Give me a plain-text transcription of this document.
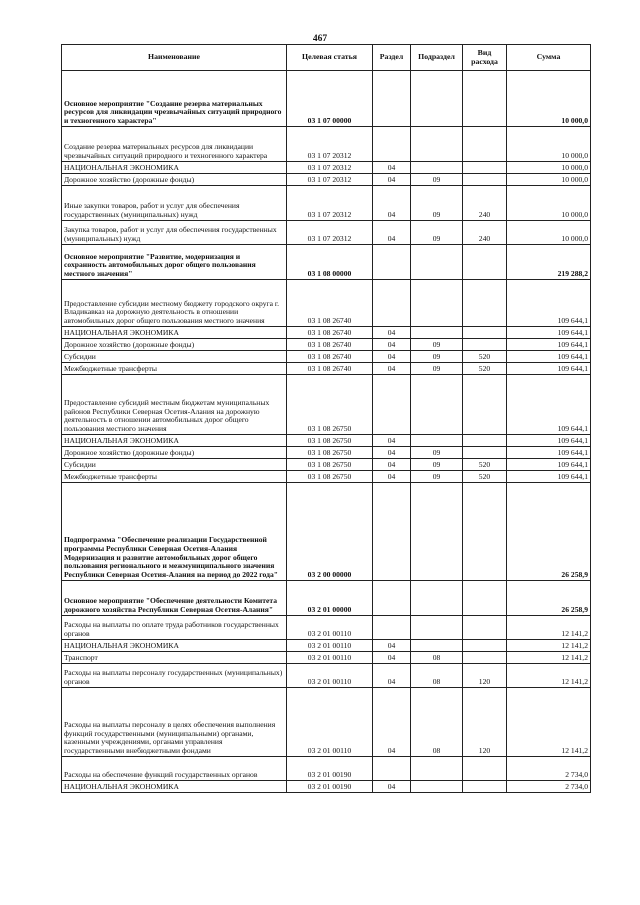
467
Наименование	Целевая статья	Раздел	Подраздел	Вид расхода	Сумма
Основное мероприятие "Создание резерва материальных ресурсов для ликвидации чрезвычайных ситуаций природного и техногенного характера"	03 1 07 00000				10 000,0
Создание резерва материальных ресурсов для ликвидации чрезвычайных ситуаций природного и техногенного характера	03 1 07 20312				10 000,0
НАЦИОНАЛЬНАЯ ЭКОНОМИКА	03 1 07 20312	04			10 000,0
Дорожное хозяйство (дорожные фонды)	03 1 07 20312	04	09		10 000,0
Иные закупки товаров, работ и услуг для обеспечения государственных (муниципальных) нужд	03 1 07 20312	04	09	240	10 000,0
Закупка товаров, работ и услуг для обеспечения государственных (муниципальных) нужд	03 1 07 20312	04	09	240	10 000,0
Основное мероприятие "Развитие, модернизация и сохранность автомобильных дорог общего пользования местного значения"	03 1 08 00000				219 288,2
Предоставление субсидии местному бюджету городского округа г. Владикавказ на дорожную деятельность в отношении автомобильных дорог общего пользования местного значения	03 1 08 26740				109 644,1
НАЦИОНАЛЬНАЯ ЭКОНОМИКА	03 1 08 26740	04			109 644,1
Дорожное хозяйство (дорожные фонды)	03 1 08 26740	04	09		109 644,1
Субсидии	03 1 08 26740	04	09	520	109 644,1
Межбюджетные трансферты	03 1 08 26740	04	09	520	109 644,1
Предоставление субсидий местным бюджетам муниципальных районов Республики Северная Осетия-Алания на дорожную деятельность в отношении автомобильных дорог общего пользования местного значения	03 1 08 26750				109 644,1
НАЦИОНАЛЬНАЯ ЭКОНОМИКА	03 1 08 26750	04			109 644,1
Дорожное хозяйство (дорожные фонды)	03 1 08 26750	04	09		109 644,1
Субсидии	03 1 08 26750	04	09	520	109 644,1
Межбюджетные трансферты	03 1 08 26750	04	09	520	109 644,1
Подпрограмма "Обеспечение реализации Государственной программы Республики Северная Осетия-Алания Модернизация и развитие автомобильных дорог общего пользования регионального и межмуниципального значения Республики Северная Осетия-Алания на период до 2022 года"	03 2 00 00000				26 258,9
Основное мероприятие "Обеспечение деятельности Комитета дорожного хозяйства Республики Северная Осетия-Алания"	03 2 01 00000				26 258,9
Расходы на выплаты по оплате труда работников государственных органов	03 2 01 00110				12 141,2
НАЦИОНАЛЬНАЯ ЭКОНОМИКА	03 2 01 00110	04			12 141,2
Транспорт	03 2 01 00110	04	08		12 141,2
Расходы на выплаты персоналу государственных (муниципальных) органов	03 2 01 00110	04	08	120	12 141,2
Расходы на выплаты персоналу в целях обеспечения выполнения функций государственными (муниципальными) органами, казенными учреждениями, органами управления государственными внебюджетными фондами	03 2 01 00110	04	08	120	12 141,2
Расходы на обеспечение функций государственных органов	03 2 01 00190				2 734,0
НАЦИОНАЛЬНАЯ ЭКОНОМИКА	03 2 01 00190	04			2 734,0
